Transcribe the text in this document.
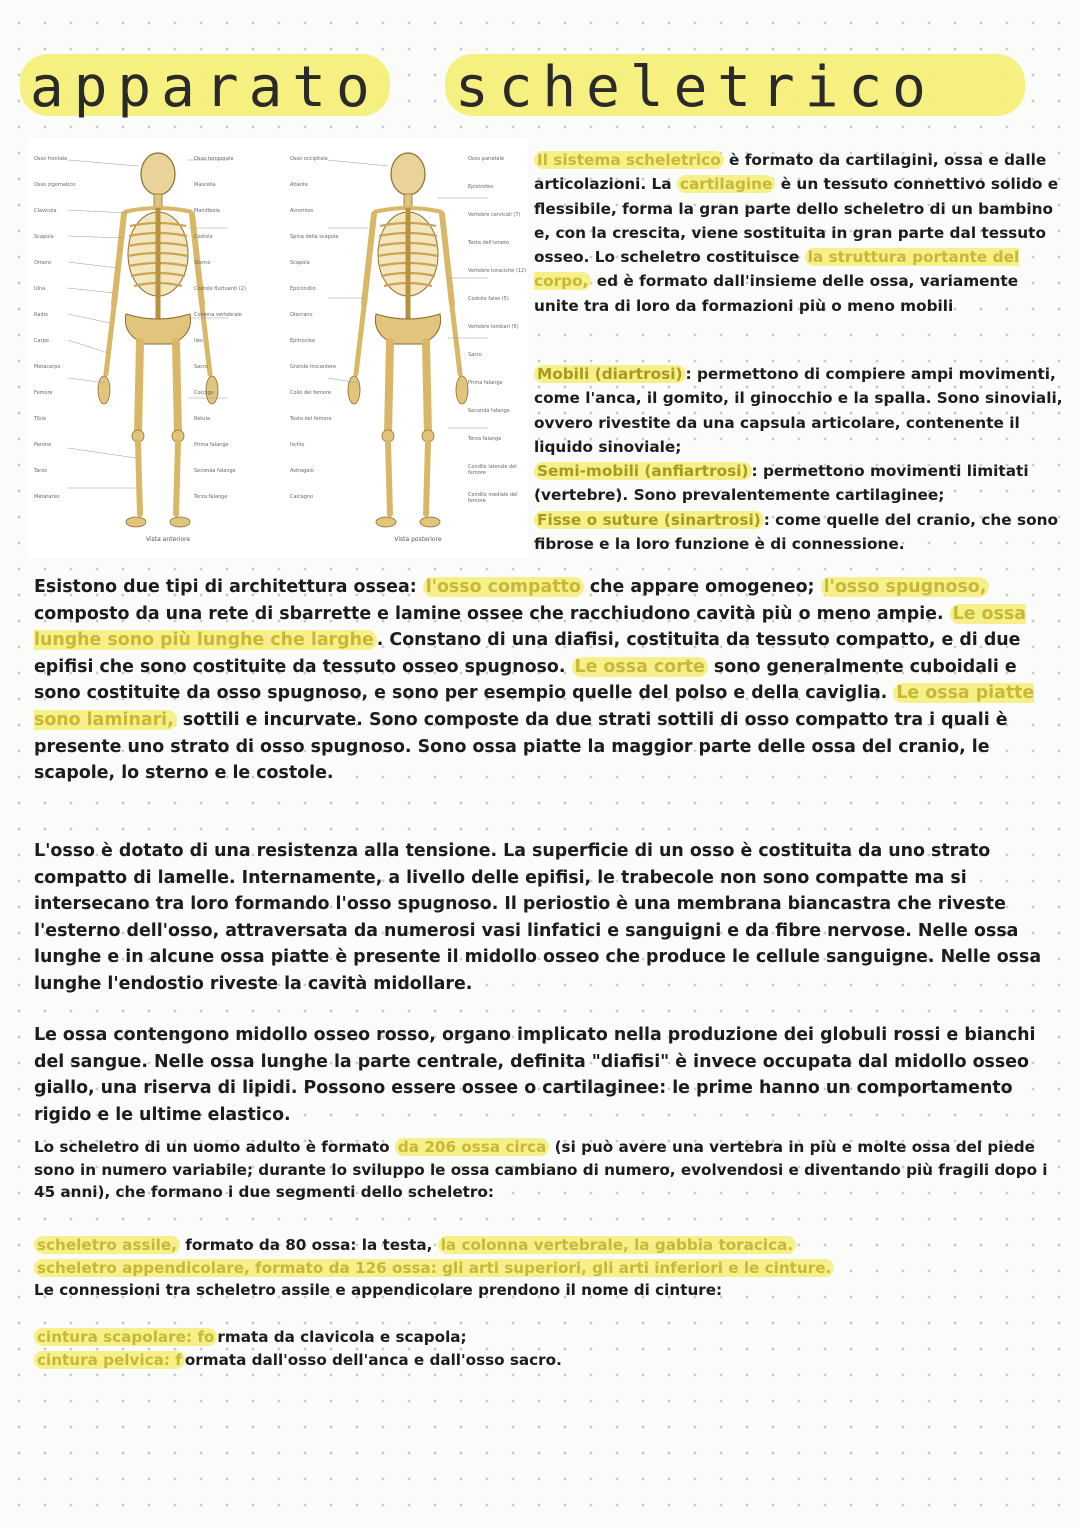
apparato

scheletrico

Vista anteriore	Vista posteriore
Osso frontale
Osso zigomatico
Clavicola
Scapola
Omero
Ulna
Radio
Carpo
Metacarpo
Femore
Tibia
Perone
Tarso
Metatarso
Osso temporale
Mascella
Mandibola
Costole
Sterno
Costole fluttuanti (2)
Colonna vertebrale
Ileo
Sacro
Coccige
Rotula
Prima falange
Seconda falange
Terza falange
Osso occipitale
Atlante
Acromion
Spina della scapola
Scapola
Epicondilo
Olecrano
Epitroclea
Grande trocantere
Collo del femore
Testa del femore
Ischio
Astragalo
Calcagno
Osso parietale
Epistrofeo
Vertebre cervicali (7)
Testa dell'omero
Vertebre toraciche (12)
Costole false (5)
Vertebre lombari (5)
Sacro
Prima falange
Seconda falange
Terza falange
Condilo laterale del femore
Condilo mediale del femore

Il sistema scheletrico è formato da cartilagini, ossa e dalle articolazioni. La cartilagine è un tessuto connettivo solido e flessibile, forma la gran parte dello scheletro di un bambino e, con la crescita, viene sostituita in gran parte dal tessuto osseo. Lo scheletro costituisce la struttura portante del corpo, ed è formato dall'insieme delle ossa, variamente unite tra di loro da formazioni più o meno mobili

Mobili (diartrosi) : permettono di compiere ampi movimenti, come l'anca, il gomito, il ginocchio e la spalla. Sono sinoviali, ovvero rivestite da una capsula articolare, contenente il liquido sinoviale;
Semi-mobili (anfiartrosi) : permettono movimenti limitati (vertebre). Sono prevalentemente cartilaginee;
Fisse o suture (sinartrosi) : come quelle del cranio, che sono fibrose e la loro funzione è di connessione.

Esistono due tipi di architettura ossea: l'osso compatto che appare omogeneo; l'osso spugnoso, composto da una rete di sbarrette e lamine ossee che racchiudono cavità più o meno ampie. Le ossa lunghe sono più lunghe che larghe . Constano di una diafisi, costituita da tessuto compatto, e di due epifisi che sono costituite da tessuto osseo spugnoso. Le ossa corte sono generalmente cuboidali e sono costituite da osso spugnoso, e sono per esempio quelle del polso e della caviglia. Le ossa piatte sono laminari, sottili e incurvate. Sono composte da due strati sottili di osso compatto tra i quali è presente uno strato di osso spugnoso. Sono ossa piatte la maggior parte delle ossa del cranio, le scapole, lo sterno e le costole.

L'osso è dotato di una resistenza alla tensione. La superficie di un osso è costituita da uno strato compatto di lamelle. Internamente, a livello delle epifisi, le trabecole non sono compatte ma si intersecano tra loro formando l'osso spugnoso. Il periostio è una membrana biancastra che riveste l'esterno dell'osso, attraversata da numerosi vasi linfatici e sanguigni e da fibre nervose. Nelle ossa lunghe e in alcune ossa piatte è presente il midollo osseo che produce le cellule sanguigne. Nelle ossa lunghe l'endostio riveste la cavità midollare.

Le ossa contengono midollo osseo rosso, organo implicato nella produzione dei globuli rossi e bianchi del sangue. Nelle ossa lunghe la parte centrale, definita "diafisi" è invece occupata dal midollo osseo giallo, una riserva di lipidi. Possono essere ossee o cartilaginee: le prime hanno un comportamento rigido e le ultime elastico.

Lo scheletro di un uomo adulto è formato da 206 ossa circa (si può avere una vertebra in più e molte ossa del piede sono in numero variabile; durante lo sviluppo le ossa cambiano di numero, evolvendosi e diventando più fragili dopo i 45 anni), che formano i due segmenti dello scheletro:

scheletro assile, formato da 80 ossa: la testa, la colonna vertebrale, la gabbia toracica.
scheletro appendicolare, formato da 126 ossa: gli arti superiori, gli arti inferiori e le cinture.
Le connessioni tra scheletro assile e appendicolare prendono il nome di cinture:

cintura scapolare: fo rmata da clavicola e scapola;
cintura pelvica: f ormata dall'osso dell'anca e dall'osso sacro.
